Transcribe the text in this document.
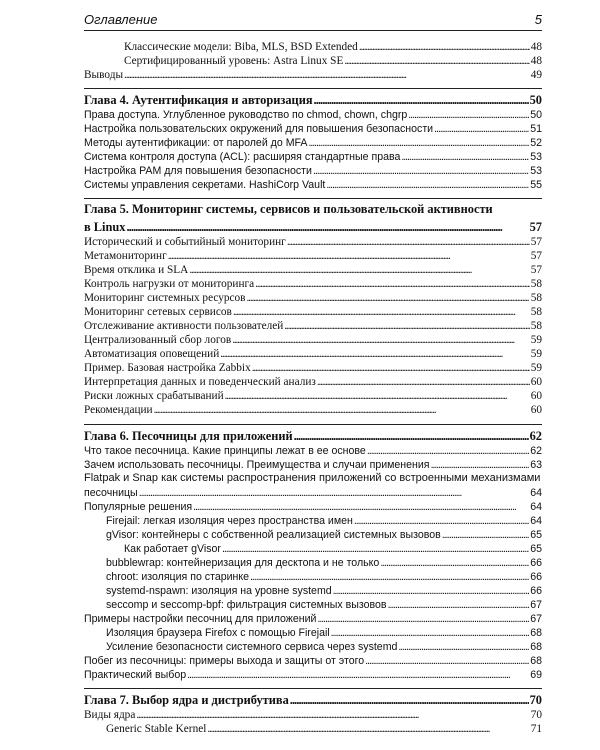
Оглавление	5
Классические модели: Biba, MLS, BSD Extended . . .	48
Сертифицированный уровень: Astra Linux SE . . .	48
Выводы . . .	49
Глава 4. Аутентификация и авторизация . . .	50
Права доступа. Углубленное руководство по chmod, chown, chgrp . . .	50
Настройка пользовательских окружений для повышения безопасности . . .	51
Методы аутентификации: от паролей до MFA . . .	52
Система контроля доступа (ACL): расширяя стандартные права . . .	53
Настройка PAM для повышения безопасности . . .	53
Системы управления секретами. HashiCorp Vault . . .	55
Глава 5. Мониторинг системы, сервисов и пользовательской активности
в Linux . . .	57
Исторический и событийный мониторинг . . .	57
Метамониторинг . . .	57
Время отклика и SLA . . .	57
Контроль нагрузки от мониторинга . . .	58
Мониторинг системных ресурсов . . .	58
Мониторинг сетевых сервисов . . .	58
Отслеживание активности пользователей . . .	58
Централизованный сбор логов . . .	59
Автоматизация оповещений . . .	59
Пример. Базовая настройка Zabbix . . .	59
Интерпретация данных и поведенческий анализ . . .	60
Риски ложных срабатываний . . .	60
Рекомендации . . .	60
Глава 6. Песочницы для приложений . . .	62
Что такое песочница. Какие принципы лежат в ее основе . . .	62
Зачем использовать песочницы. Преимущества и случаи применения . . .	63
Flatpak и Snap как системы распространения приложений со встроенными механизмами
песочницы . . .	64
Популярные решения . . .	64
Firejail: легкая изоляция через пространства имен . . .	64
gVisor: контейнеры с собственной реализацией системных вызовов . . .	65
Как работает gVisor . . .	65
bubblewrap: контейнеризация для десктопа и не только . . .	66
chroot: изоляция по старинке . . .	66
systemd-nspawn: изоляция на уровне systemd . . .	66
seccomp и seccomp-bpf: фильтрация системных вызовов . . .	67
Примеры настройки песочниц для приложений . . .	67
Изоляция браузера Firefox с помощью Firejail . . .	68
Усиление безопасности системного сервиса через systemd . . .	68
Побег из песочницы: примеры выхода и защиты от этого . . .	68
Практический выбор . . .	69
Глава 7. Выбор ядра и дистрибутива . . .	70
Виды ядра . . .	70
Generic Stable Kernel . . .	71
